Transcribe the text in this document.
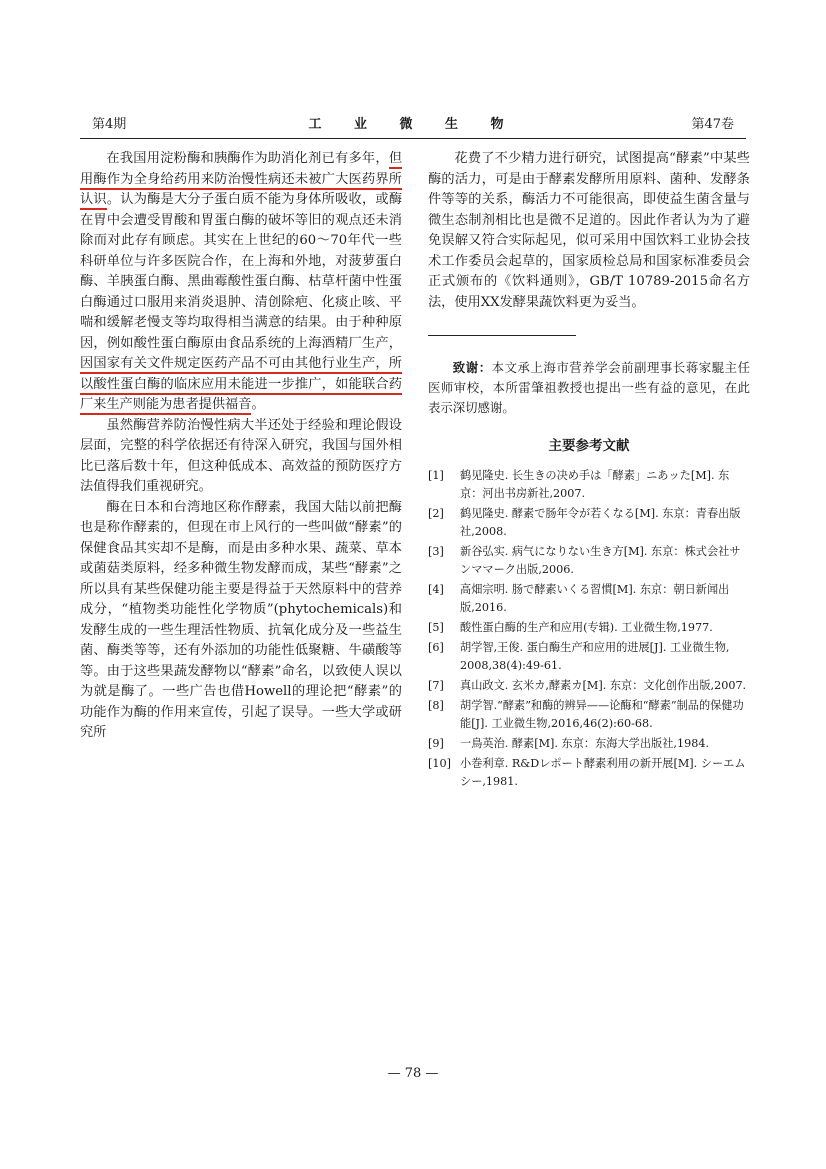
第4期	工 业 微 生 物	第47卷

在我国用淀粉酶和胰酶作为助消化剂已有多年，但用酶作为全身给药用来防治慢性病还未被广大医药界所认识。认为酶是大分子蛋白质不能为身体所吸收，或酶在胃中会遭受胃酸和胃蛋白酶的破坏等旧的观点还未消除而对此存有顾虑。其实在上世纪的60～70年代一些科研单位与许多医院合作，在上海和外地，对菠萝蛋白酶、羊胰蛋白酶、黑曲霉酸性蛋白酶、枯草杆菌中性蛋白酶通过口服用来消炎退肿、清创除疤、化痰止咳、平喘和缓解老慢支等均取得相当满意的结果。由于种种原因，例如酸性蛋白酶原由食品系统的上海酒精厂生产，因国家有关文件规定医药产品不可由其他行业生产，所以酸性蛋白酶的临床应用未能进一步推广，如能联合药厂来生产则能为患者提供福音。

虽然酶营养防治慢性病大半还处于经验和理论假设层面，完整的科学依据还有待深入研究，我国与国外相比已落后数十年，但这种低成本、高效益的预防医疗方法值得我们重视研究。

酶在日本和台湾地区称作酵素，我国大陆以前把酶也是称作酵素的，但现在市上风行的一些叫做“酵素”的保健食品其实却不是酶，而是由多种水果、蔬菜、草本或菌菇类原料，经多种微生物发酵而成，某些“酵素”之所以具有某些保健功能主要是得益于天然原料中的营养成分，“植物类功能性化学物质”(phytochemicals)和发酵生成的一些生理活性物质、抗氧化成分及一些益生菌、酶类等等，还有外添加的功能性低聚糖、牛磺酸等等。由于这些果蔬发酵物以“酵素”命名，以致使人误以为就是酶了。一些广告也借Howell的理论把“酵素”的功能作为酶的作用来宣传，引起了误导。一些大学或研究所

花费了不少精力进行研究，试图提高“酵素”中某些酶的活力，可是由于酵素发酵所用原料、菌种、发酵条件等等的关系，酶活力不可能很高，即使益生菌含量与微生态制剂相比也是微不足道的。因此作者认为为了避免误解又符合实际起见，似可采用中国饮料工业协会技术工作委员会起草的，国家质检总局和国家标准委员会正式颁布的《饮料通则》，GB/T 10789-2015命名方法，使用XX发酵果蔬饮料更为妥当。

致谢：本文承上海市营养学会前副理事长蒋家騉主任医师审校，本所雷肇祖教授也提出一些有益的意见，在此表示深切感谢。

主要参考文献
[1]	鹤见隆史. 长生きの决め手は「酵素」ニあッた[M]. 东京：河出书房新社,2007.
[2]	鹤见隆史. 酵素で肠年令が若くなる[M]. 东京：青春出版社,2008.
[3]	新谷弘实. 病气になりない生き方[M]. 东京：株式会社サンママーク出版,2006.
[4]	高畑宗明. 肠で酵素いくる習慣[M]. 东京：朝日新闻出版,2016.
[5]	酸性蛋白酶的生产和应用(专辑). 工业微生物,1977.
[6]	胡学智,王俊. 蛋白酶生产和应用的进展[J]. 工业微生物, 2008,38(4):49-61.
[7]	真山政文. 玄米カ,酵素カ[M]. 东京：文化创作出版,2007.
[8]	胡学智.“酵素”和酶的辨异——论酶和“酵素”制品的保健功能[J]. 工业微生物,2016,46(2):60-68.
[9]	一鳥英治. 酵素[M]. 东京：东海大学出版社,1984.
[10] 小巻利章. R&Dレポート酵素利用の新开展[M]. シーエムシー,1981.
— 78 —
